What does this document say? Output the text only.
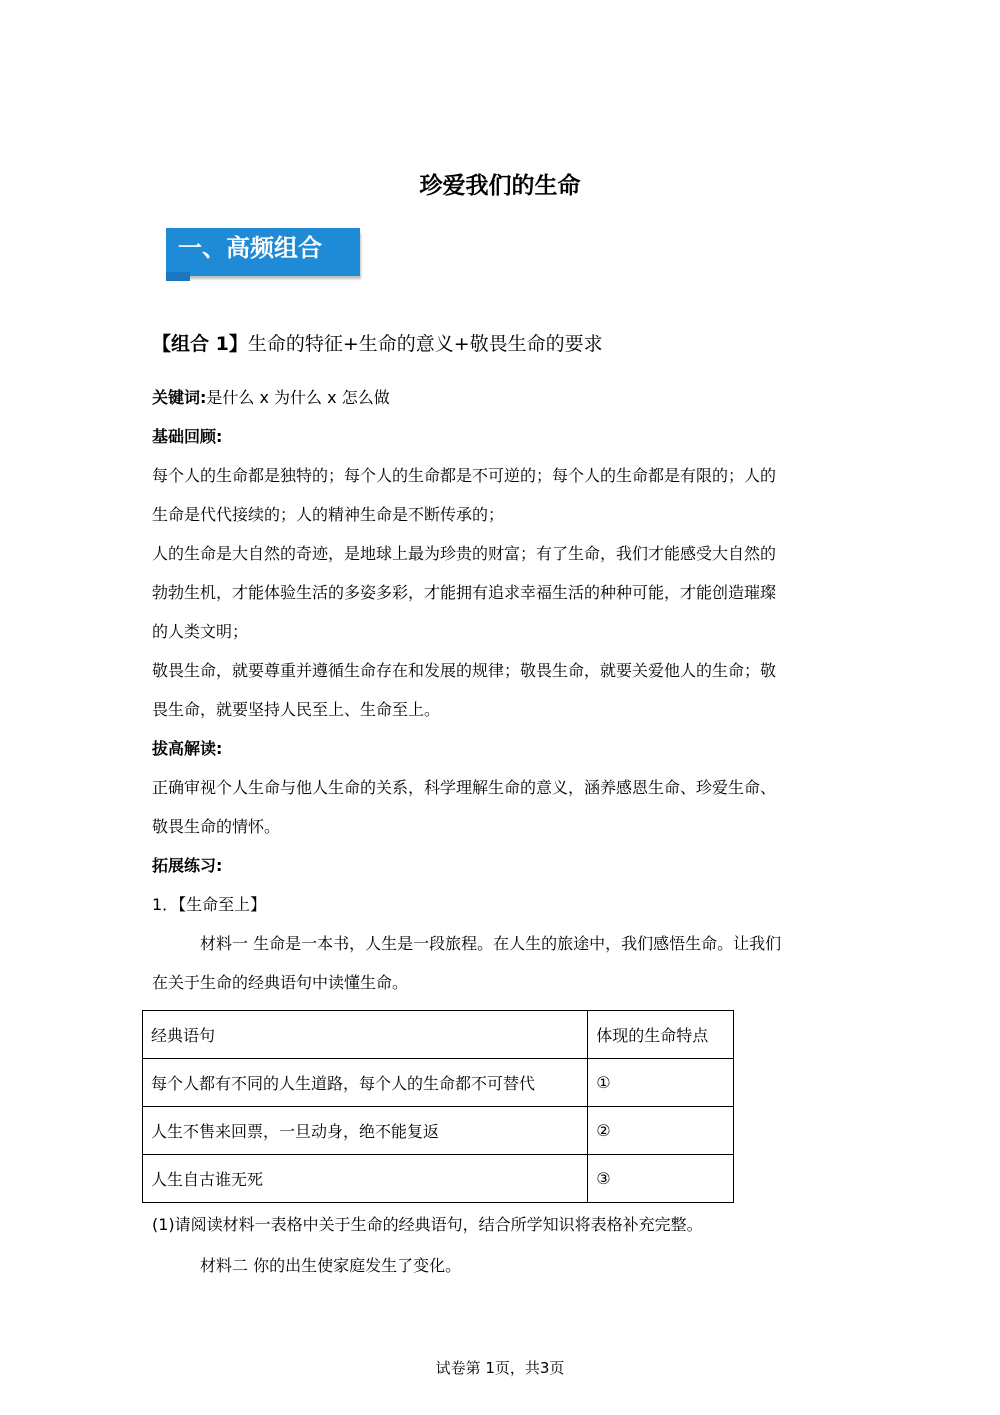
珍爱我们的生命
一、高频组合
【组合 1】生命的特征+生命的意义+敬畏生命的要求
关键词:是什么 x 为什么 x 怎么做
基础回顾:
每个人的生命都是独特的；每个人的生命都是不可逆的；每个人的生命都是有限的；人的
生命是代代接续的；人的精神生命是不断传承的；
人的生命是大自然的奇迹，是地球上最为珍贵的财富；有了生命，我们才能感受大自然的
勃勃生机，才能体验生活的多姿多彩，才能拥有追求幸福生活的种种可能，才能创造璀璨
的人类文明；
敬畏生命，就要尊重并遵循生命存在和发展的规律；敬畏生命，就要关爱他人的生命；敬
畏生命，就要坚持人民至上、生命至上。
拔高解读:
正确审视个人生命与他人生命的关系，科学理解生命的意义，涵养感恩生命、珍爱生命、
敬畏生命的情怀。
拓展练习:
1．【生命至上】
材料一 生命是一本书，人生是一段旅程。在人生的旅途中，我们感悟生命。让我们
在关于生命的经典语句中读懂生命。
经典语句	体现的生命特点
每个人都有不同的人生道路，每个人的生命都不可替代	①
人生不售来回票，一旦动身，绝不能复返	②
人生自古谁无死	③
(1)请阅读材料一表格中关于生命的经典语句，结合所学知识将表格补充完整。
材料二 你的出生使家庭发生了变化。
试卷第 1页，共3页
